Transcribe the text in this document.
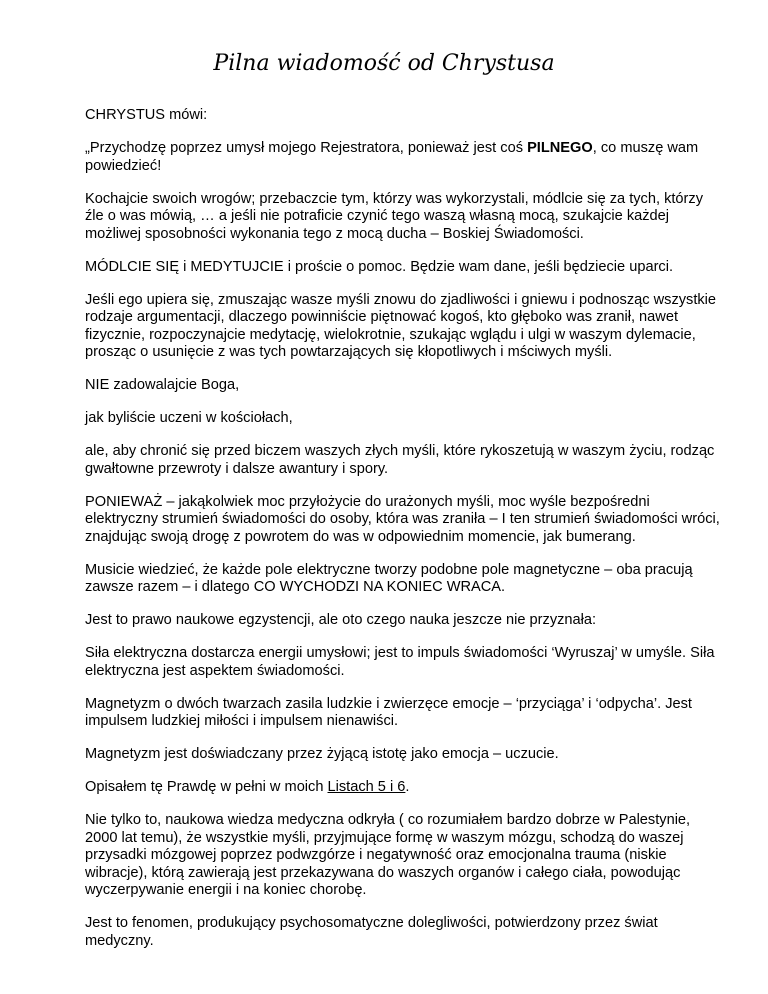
Pilna wiadomość od Chrystusa

CHRYSTUS mówi:

„Przychodzę poprzez umysł mojego Rejestratora, ponieważ jest coś PILNEGO, co muszę wam powiedzieć!

Kochajcie swoich wrogów; przebaczcie tym, którzy was wykorzystali, módlcie się za tych, którzy źle o was mówią, … a jeśli nie potraficie czynić tego waszą własną mocą, szukajcie każdej możliwej sposobności wykonania tego z mocą ducha – Boskiej Świadomości.

MÓDLCIE SIĘ i MEDYTUJCIE i proście o pomoc. Będzie wam dane, jeśli będziecie uparci.

Jeśli ego upiera się, zmuszając wasze myśli znowu do zjadliwości i gniewu i podnosząc wszystkie rodzaje argumentacji, dlaczego powinniście piętnować kogoś, kto głęboko was zranił, nawet fizycznie, rozpoczynajcie medytację, wielokrotnie, szukając wglądu i ulgi w waszym dylemacie, prosząc o usunięcie z was tych powtarzających się kłopotliwych i mściwych myśli.

NIE zadowalajcie Boga,

jak byliście uczeni w kościołach,

ale, aby chronić się przed biczem waszych złych myśli, które rykoszetują w waszym życiu, rodząc gwałtowne przewroty i dalsze awantury i spory.

PONIEWAŻ – jakąkolwiek moc przyłożycie do urażonych myśli, moc wyśle bezpośredni elektryczny strumień świadomości do osoby, która was zraniła – I ten strumień świadomości wróci, znajdując swoją drogę z powrotem do was w odpowiednim momencie, jak bumerang.

Musicie wiedzieć, że każde pole elektryczne tworzy podobne pole magnetyczne – oba pracują zawsze razem – i dlatego CO WYCHODZI NA KONIEC WRACA.

Jest to prawo naukowe egzystencji, ale oto czego nauka jeszcze nie przyznała:

Siła elektryczna dostarcza energii umysłowi; jest to impuls świadomości ‘Wyruszaj’ w umyśle. Siła elektryczna jest aspektem świadomości.

Magnetyzm o dwóch twarzach zasila ludzkie i zwierzęce emocje – ‘przyciąga’ i ‘odpycha’. Jest impulsem ludzkiej miłości i impulsem nienawiści.

Magnetyzm jest doświadczany przez żyjącą istotę jako emocja – uczucie.

Opisałem tę Prawdę w pełni w moich Listach 5 i 6.

Nie tylko to, naukowa wiedza medyczna odkryła ( co rozumiałem bardzo dobrze w Palestynie, 2000 lat temu), że wszystkie myśli, przyjmujące formę w waszym mózgu, schodzą do waszej przysadki mózgowej poprzez podwzgórze i negatywność oraz emocjonalna trauma (niskie wibracje), którą zawierają jest przekazywana do waszych organów i całego ciała, powodując wyczerpywanie energii i na koniec chorobę.

Jest to fenomen, produkujący psychosomatyczne dolegliwości, potwierdzony przez świat medyczny.
